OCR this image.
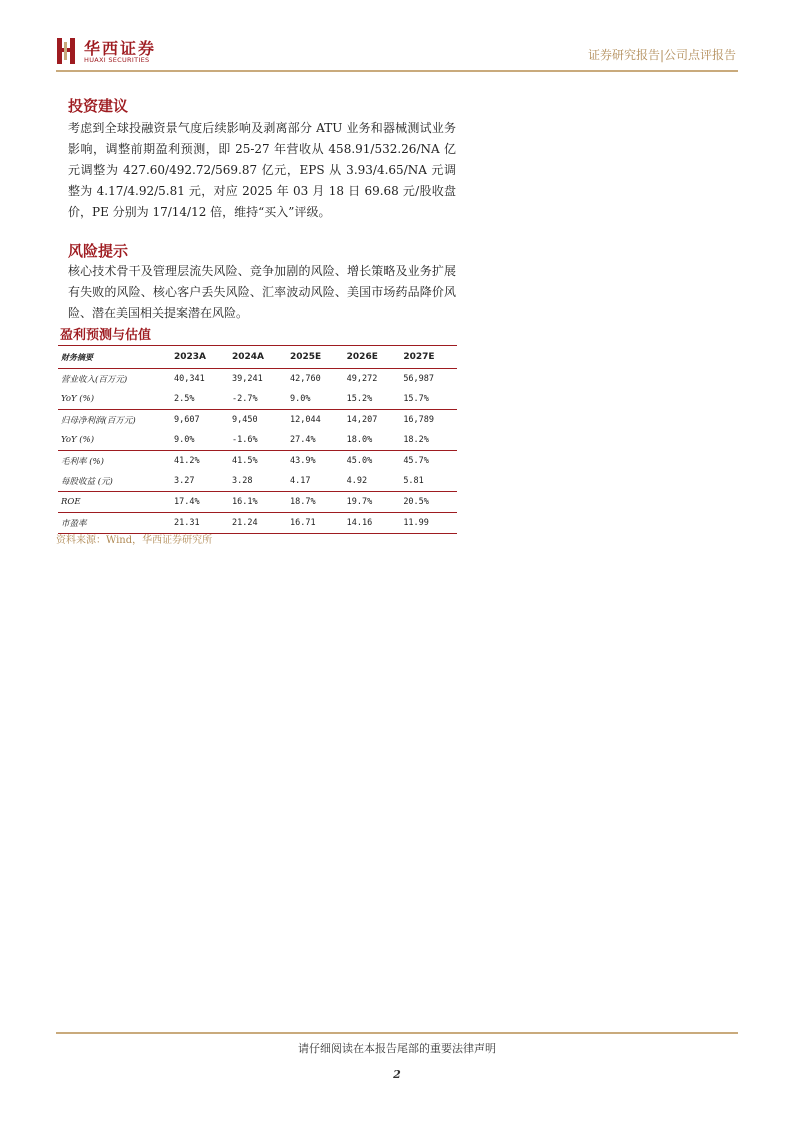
华西证券
HUAXI SECURITIES	证券研究报告|公司点评报告
投资建议
考虑到全球投融资景气度后续影响及剥离部分 ATU 业务和器械测试业务影响，调整前期盈利预测，即 25-27 年营收从 458.91/532.26/NA 亿元调整为 427.60/492.72/569.87 亿元，EPS 从 3.93/4.65/NA 元调整为 4.17/4.92/5.81 元，对应 2025 年 03 月 18 日 69.68 元/股收盘价，PE 分别为 17/14/12 倍，维持“买入”评级。
风险提示
核心技术骨干及管理层流失风险、竞争加剧的风险、增长策略及业务扩展有失败的风险、核心客户丢失风险、汇率波动风险、美国市场药品降价风险、潜在美国相关提案潜在风险。
盈利预测与估值
财务摘要	2023A	2024A	2025E	2026E	2027E
营业收入(百万元)	40,341	39,241	42,760	49,272	56,987
YoY (%)	2.5%	-2.7%	9.0%	15.2%	15.7%
归母净利润(百万元)	9,607	9,450	12,044	14,207	16,789
YoY (%)	9.0%	-1.6%	27.4%	18.0%	18.2%
毛利率 (%)	41.2%	41.5%	43.9%	45.0%	45.7%
每股收益 (元)	3.27	3.28	4.17	4.92	5.81
ROE	17.4%	16.1%	18.7%	19.7%	20.5%
市盈率	21.31	21.24	16.71	14.16	11.99
资料来源：Wind，华西证券研究所
请仔细阅读在本报告尾部的重要法律声明
2
